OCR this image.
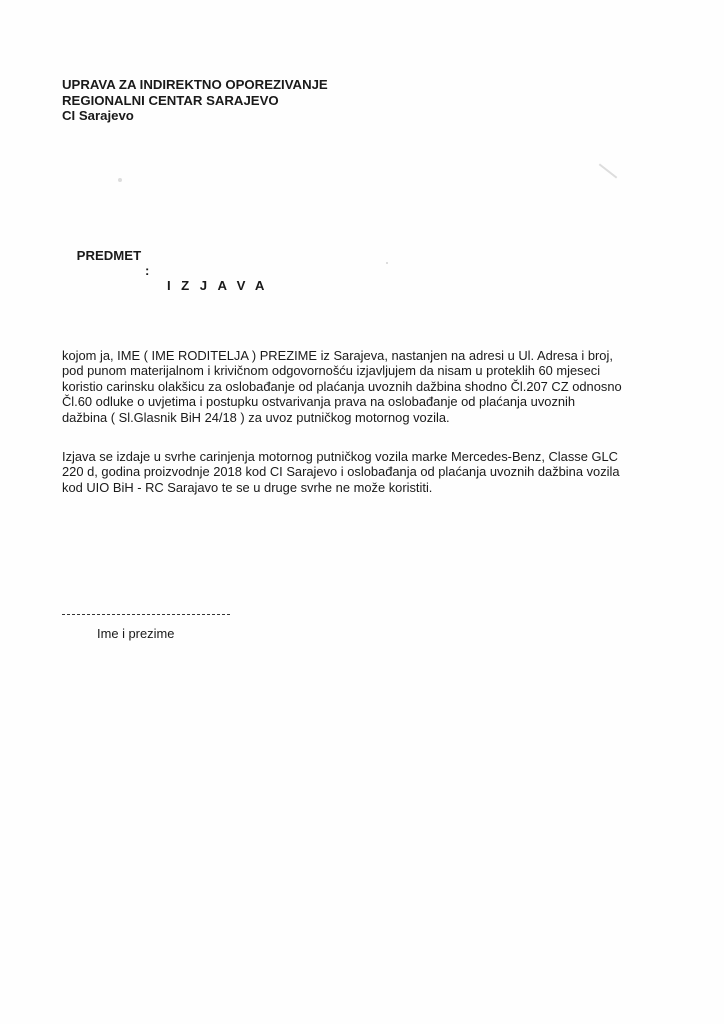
UPRAVA ZA INDIREKTNO OPOREZIVANJE
REGIONALNI CENTAR SARAJEVO
CI Sarajevo

PREDMET

:

IZJAVA

kojom ja, IME ( IME RODITELJA ) PREZIME iz Sarajeva, nastanjen na adresi u Ul. Adresa i broj,
pod punom materijalnom i krivičnom odgovornošću izjavljujem da nisam u proteklih 60 mjeseci
koristio carinsku olakšicu za oslobađanje od plaćanja uvoznih dažbina shodno Čl.207 CZ odnosno
Čl.60 odluke o uvjetima i postupku ostvarivanja prava na oslobađanje od plaćanja uvoznih
dažbina ( Sl.Glasnik BiH 24/18 ) za uvoz putničkog motornog vozila.
Izjava se izdaje u svrhe carinjenja motornog putničkog vozila marke Mercedes-Benz, Classe GLC
220 d, godina proizvodnje 2018 kod CI Sarajevo i oslobađanja od plaćanja uvoznih dažbina vozila
kod UIO BiH - RC Sarajavo te se u druge svrhe ne može koristiti.
Ime i prezime
